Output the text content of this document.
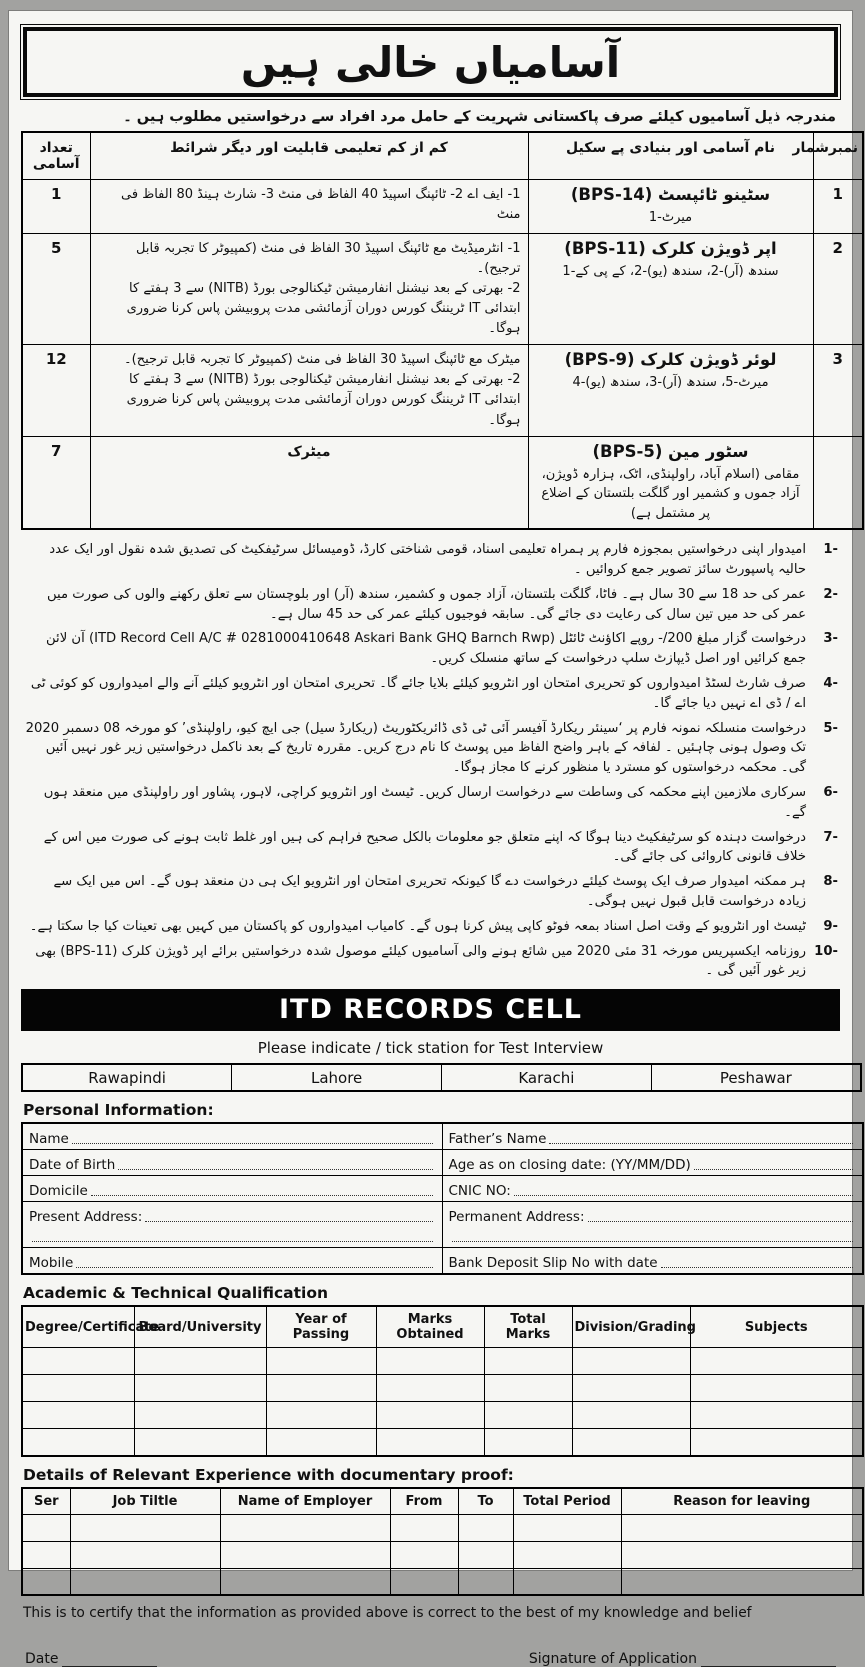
آسامیاں خالی ہیں
مندرجہ ذیل آسامیوں کیلئے صرف پاکستانی شہریت کے حامل مرد افراد سے درخواستیں مطلوب ہیں ۔
نمبرشمار	نام آسامی اور بنیادی پے سکیل	کم از کم تعلیمی قابلیت اور دیگر شرائط	تعداد آسامی
1	سٹینو ٹائپسٹ (BPS-14)
میرٹ-1	1- ایف اے 2- ٹائپنگ اسپیڈ 40 الفاظ فی منٹ 3- شارٹ ہینڈ 80 الفاظ فی منٹ	1
2	
اپر ڈویژن کلرک (BPS-11)
سندھ (آر)-2، سندھ (یو)-2، کے پی کے-1

1- انٹرمیڈیٹ مع ٹائپنگ اسپیڈ 30 الفاظ فی منٹ (کمپیوٹر کا تجربہ قابل ترجیح)۔
2- بھرتی کے بعد نیشنل انفارمیشن ٹیکنالوجی بورڈ (NITB) سے 3 ہفتے کا ابتدائی IT ٹریننگ کورس دوران آزمائشی مدت پروبیشن پاس کرنا ضروری ہوگا۔
	5
3	
لوئر ڈویژن کلرک (BPS-9)
میرٹ-5، سندھ (آر)-3، سندھ (یو)-4

میٹرک مع ٹائپنگ اسپیڈ 30 الفاظ فی منٹ (کمپیوٹر کا تجربہ قابل ترجیح)۔
2- بھرتی کے بعد نیشنل انفارمیشن ٹیکنالوجی بورڈ (NITB) سے 3 ہفتے کا ابتدائی IT ٹریننگ کورس دوران آزمائشی مدت پروبیشن پاس کرنا ضروری ہوگا۔
	12

	سٹور مین (BPS-5)
مقامی (اسلام آباد، راولپنڈی، اٹک، ہزارہ ڈویژن، آزاد جموں و کشمیر اور گلگت بلتستان کے اضلاع پر مشتمل ہے)	میٹرک	7
1 -
امیدوار اپنی درخواستیں بمجوزہ فارم پر ہمراہ تعلیمی اسناد، قومی شناختی کارڈ، ڈومیسائل سرٹیفکیٹ کی تصدیق شدہ نقول اور ایک عدد حالیہ پاسپورٹ سائز تصویر جمع کروائیں ۔
2 -
عمر کی حد 18 سے 30 سال ہے۔ فاٹا، گلگت بلتستان، آزاد جموں و کشمیر، سندھ (آر) اور بلوچستان سے تعلق رکھنے والوں کی صورت میں عمر کی حد میں تین سال کی رعایت دی جائے گی۔ سابقہ فوجیوں کیلئے عمر کی حد 45 سال ہے۔
3 -
درخواست گزار مبلغ 200/- روپے اکاؤنٹ ٹائٹل (ITD Record Cell A/C # 0281000410648 Askari Bank GHQ Barnch Rwp) آن لائن جمع کرائیں اور اصل ڈیپازٹ سلپ درخواست کے ساتھ منسلک کریں۔
4 -
صرف شارٹ لسٹڈ امیدواروں کو تحریری امتحان اور انٹرویو کیلئے بلایا جائے گا۔ تحریری امتحان اور انٹرویو کیلئے آنے والے امیدواروں کو کوئی ٹی اے / ڈی اے نہیں دیا جائے گا۔
5 -
درخواست منسلکہ نمونہ فارم پر ‘سینئر ریکارڈ آفیسر آئی ٹی ڈی ڈائریکٹوریٹ (ریکارڈ سیل) جی ایچ کیو، راولپنڈی’ کو مورخہ 08 دسمبر 2020 تک وصول ہونی چاہئیں ۔ لفافہ کے باہر واضح الفاظ میں پوسٹ کا نام درج کریں۔ مقررہ تاریخ کے بعد ناکمل درخواستیں زیر غور نہیں آئیں گی۔ محکمہ درخواستوں کو مسترد یا منظور کرنے کا مجاز ہوگا۔
6 -
سرکاری ملازمین اپنے محکمہ کی وساطت سے درخواست ارسال کریں۔ ٹیسٹ اور انٹرویو کراچی، لاہور، پشاور اور راولپنڈی میں منعقد ہوں گے۔
7 -
درخواست دہندہ کو سرٹیفکیٹ دینا ہوگا کہ اپنے متعلق جو معلومات بالکل صحیح فراہم کی ہیں اور غلط ثابت ہونے کی صورت میں اس کے خلاف قانونی کاروائی کی جائے گی۔
8 -
ہر ممکنہ امیدوار صرف ایک پوسٹ کیلئے درخواست دے گا کیونکہ تحریری امتحان اور انٹرویو ایک ہی دن منعقد ہوں گے۔ اس میں ایک سے زیادہ درخواست قابل قبول نہیں ہوگی۔
9 -
ٹیسٹ اور انٹرویو کے وقت اصل اسناد بمعہ فوٹو کاپی پیش کرنا ہوں گے۔ کامیاب امیدواروں کو پاکستان میں کہیں بھی تعینات کیا جا سکتا ہے۔
10 -
روزنامہ ایکسپریس مورخہ 31 مئی 2020 میں شائع ہونے والی آسامیوں کیلئے موصول شدہ درخواستیں برائے اپر ڈویژن کلرک (BPS-11) بھی زیر غور آئیں گی ۔
ITD RECORDS CELL
Please indicate / tick station for Test Interview
Rawapindi	Lahore	Karachi	Peshawar
Personal Information:
Name	Father’s Name

Date of Birth	Age as on closing date: (YY/MM/DD)

Domicile	CNIC NO:

Present Address:	Permanent Address:

Mobile	Bank Deposit Slip No with date
Academic & Technical Qualification
Degree/Certificate	Board/University	Year of Passing	Marks Obtained	Total Marks	Division/Grading	Subjects

Details of Relevant Experience with documentary proof:
Ser	Job Tiltle	Name of Employer	From	To	Total Period	Reason for leaving

This is to certify that the information as provided above is correct to the best of my knowledge and belief
Date	Signature of Application
